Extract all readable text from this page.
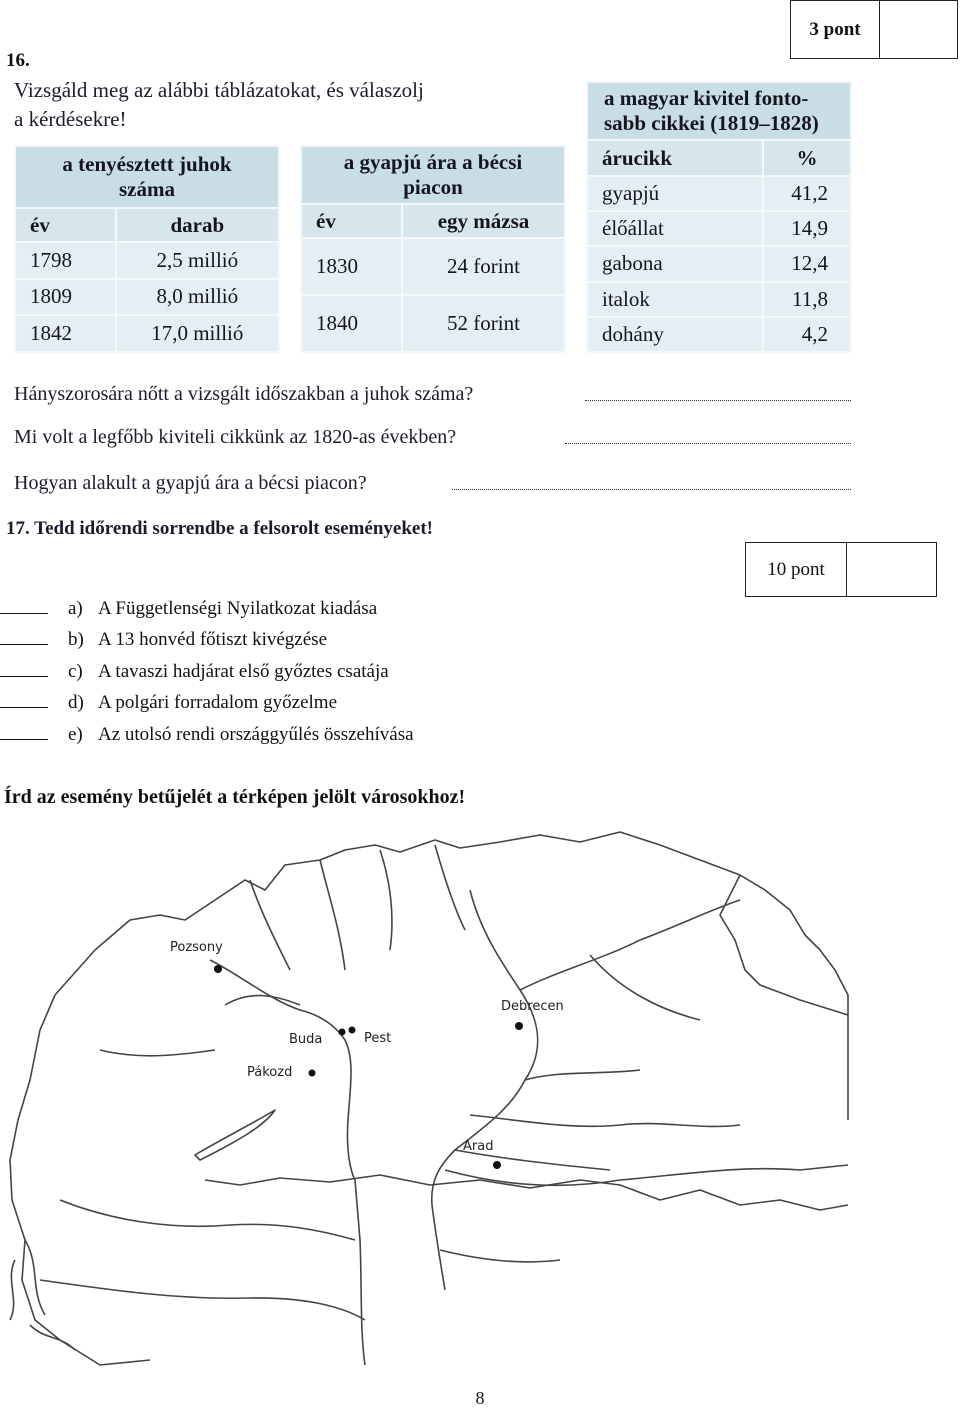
3 pont
16.
Vizsgáld meg az alábbi táblázatokat, és válaszolj
a kérdésekre!
a tenyésztett juhok
száma	
év	darab
1798	2,5 millió
1809	8,0 millió
1842	17,0 millió
a gyapjú ára a bécsi
piacon	
év	egy mázsa
1830	24 forint
1840	52 forint
a magyar kivitel fonto-
sabb cikkei (1819–1828)	
árucikk	%
gyapjú	41,2
élőállat	14,9
gabona	12,4
italok	11,8
dohány	4,2
Hányszorosára nőtt a vizsgált időszakban a juhok száma?
Mi volt a legfőbb kiviteli cikkünk az 1820-as években?
Hogyan alakult a gyapjú ára a bécsi piacon?
17. Tedd időrendi sorrendbe a felsorolt eseményeket!
10 pont
a) A Függetlenségi Nyilatkozat kiadása
b) A 13 honvéd főtiszt kivégzése
c) A tavaszi hadjárat első győztes csatája
d) A polgári forradalom győzelme
e) Az utolsó rendi országgyűlés összehívása
Írd az esemény betűjelét a térképen jelölt városokhoz!
Pozsony
Buda	Pest
Pákozd
Debrecen
Arad
8
